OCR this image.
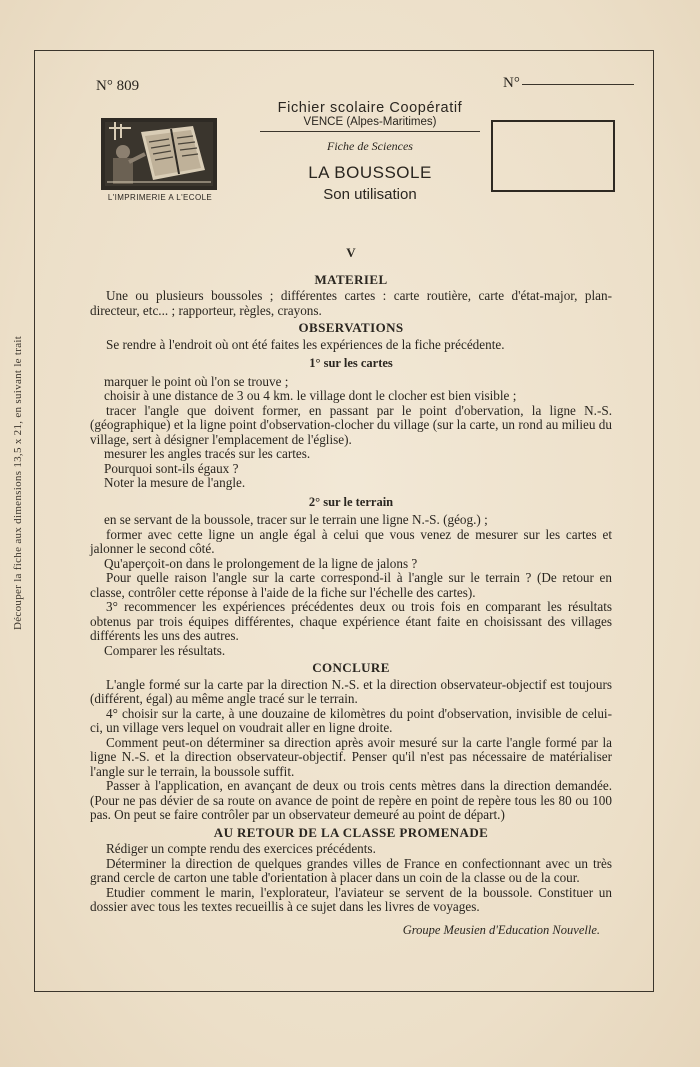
Découper la fiche aux dimensions 13,5 x 21, en suivant le trait
N° 809	N°
L'IMPRIMERIE A L'ECOLE
Fichier scolaire Coopératif
VENCE (Alpes-Maritimes)
Fiche de Sciences
LA BOUSSOLE
Son utilisation
V
MATERIEL

Une ou plusieurs boussoles ; différentes cartes : carte routière, carte d'état-major, plan-directeur, etc... ; rapporteur, règles, crayons.

OBSERVATIONS

Se rendre à l'endroit où ont été faites les expériences de la fiche précédente.

1° sur les cartes

marquer le point où l'on se trouve ;

choisir à une distance de 3 ou 4 km. le village dont le clocher est bien visible ;

tracer l'angle que doivent former, en passant par le point d'obervation, la ligne N.-S. (géographique) et la ligne point d'observation-clocher du village (sur la carte, un rond au milieu du village, sert à désigner l'emplacement de l'église).

mesurer les angles tracés sur les cartes.

Pourquoi sont-ils égaux ?

Noter la mesure de l'angle.

2° sur le terrain

en se servant de la boussole, tracer sur le terrain une ligne N.-S. (géog.) ;

former avec cette ligne un angle égal à celui que vous venez de mesurer sur les cartes et jalonner le second côté.

Qu'aperçoit-on dans le prolongement de la ligne de jalons ?

Pour quelle raison l'angle sur la carte correspond-il à l'angle sur le terrain ? (De retour en classe, contrôler cette réponse à l'aide de la fiche sur l'échelle des cartes).

3° recommencer les expériences précédentes deux ou trois fois en comparant les résultats obtenus par trois équipes différentes, chaque expérience étant faite en choisissant des villages différents les uns des autres.

Comparer les résultats.

CONCLURE

L'angle formé sur la carte par la direction N.-S. et la direction observateur-objectif est toujours (différent, égal) au même angle tracé sur le terrain.

4° choisir sur la carte, à une douzaine de kilomètres du point d'observation, invisible de celui-ci, un village vers lequel on voudrait aller en ligne droite.

Comment peut-on déterminer sa direction après avoir mesuré sur la carte l'angle formé par la ligne N.-S. et la direction observateur-objectif. Penser qu'il n'est pas nécessaire de matérialiser l'angle sur le terrain, la boussole suffit.

Passer à l'application, en avançant de deux ou trois cents mètres dans la direction demandée. (Pour ne pas dévier de sa route on avance de point de repère en point de repère tous les 80 ou 100 pas. On peut se faire contrôler par un observateur demeuré au point de départ.)

AU RETOUR DE LA CLASSE PROMENADE

Rédiger un compte rendu des exercices précédents.

Déterminer la direction de quelques grandes villes de France en confectionnant avec un très grand cercle de carton une table d'orientation à placer dans un coin de la classe ou de la cour.

Etudier comment le marin, l'explorateur, l'aviateur se servent de la boussole. Constituer un dossier avec tous les textes recueillis à ce sujet dans les livres de voyages.

Groupe Meusien d'Education Nouvelle.
